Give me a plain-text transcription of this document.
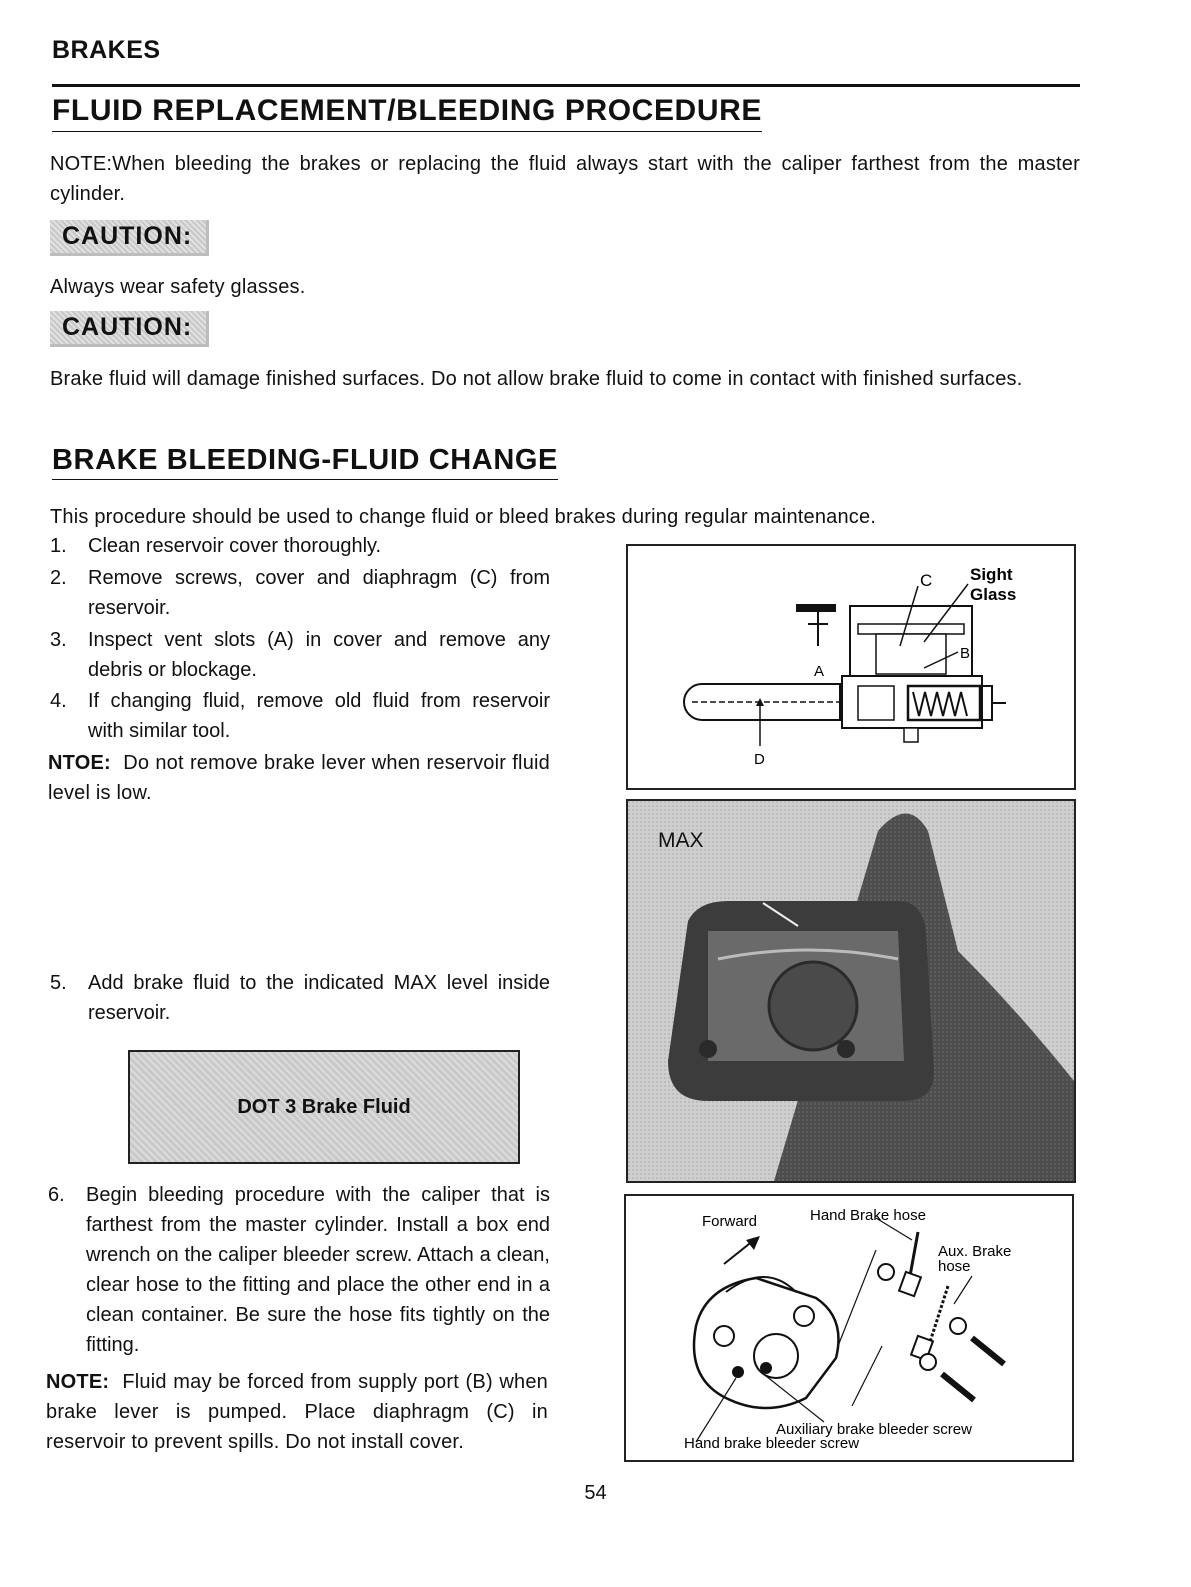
BRAKES
FLUID REPLACEMENT/BLEEDING PROCEDURE
NOTE:When bleeding the brakes or replacing the fluid always start with the caliper farthest from the master cylinder.
CAUTION:
Always wear safety glasses.
CAUTION:
Brake fluid will damage finished surfaces. Do not allow brake fluid to come in contact with finished surfaces.
BRAKE BLEEDING-FLUID CHANGE
This procedure should be used to change fluid or bleed brakes during regular maintenance.
1. Clean reservoir cover thoroughly.
2. Remove screws, cover and diaphragm (C) from reservoir.
3. Inspect vent slots (A) in cover and remove any debris or blockage.
4. If changing fluid, remove old fluid from reservoir with similar tool.
NTOE: Do not remove brake lever when reservoir fluid level is low.
5. Add brake fluid to the indicated MAX level inside reservoir.
DOT 3 Brake Fluid
6. Begin bleeding procedure with the caliper that is farthest from the master cylinder. Install a box end wrench on the caliper bleeder screw. Attach a clean, clear hose to the fitting and place the other end in a clean container. Be sure the hose fits tightly on the fitting.
NOTE: Fluid may be forced from supply port (B) when brake lever is pumped. Place diaphragm (C) in reservoir to prevent spills. Do not install cover.
A
B
C
D
Sight
Glass
MAX
Forward	Hand Brake hose
Aux. Brake
hose
Auxiliary brake bleeder screw
Hand brake bleeder screw
54
